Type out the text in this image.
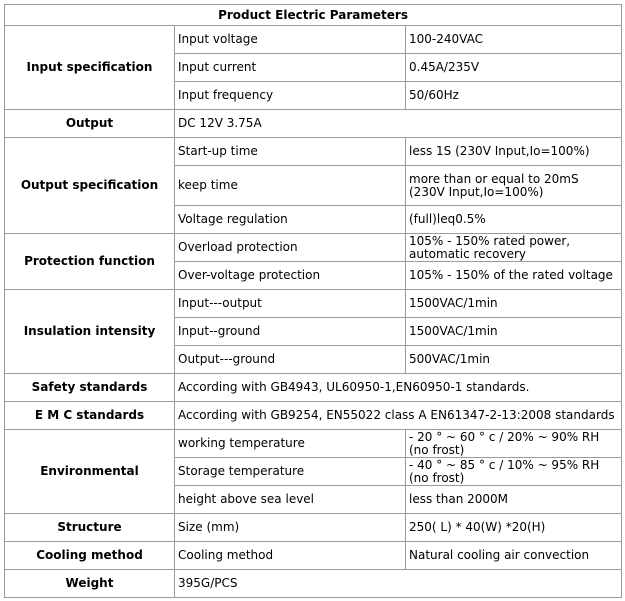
Product Electric Parameters		
Input specification	Input voltage	100-240VAC
	Input current	0.45A/235V
	Input frequency	50/60Hz
Output	DC 12V 3.75A	
Output specification	Start-up time	less 1S (230V Input,Io=100%)
	keep time	more than or equal to 20mS (230V Input,Io=100%)
	Voltage regulation	(full)leq0.5%
Protection function	Overload protection	105% - 150% rated power, automatic recovery

	Over-voltage protection	105% - 150% of the rated voltage
Insulation intensity	Input---output	1500VAC/1min
	Input--ground	1500VAC/1min
	Output---ground	500VAC/1min
Safety standards	According with GB4943, UL60950-1,EN60950-1 standards.	
E M C standards	According with GB9254, EN55022 class A EN61347-2-13:2008 standards	
Environmental	working temperature	- 20 ° ~ 60 ° c / 20% ~ 90% RH (no frost)

	Storage temperature	- 40 ° ~ 85 ° c / 10% ~ 95% RH (no frost)

	height above sea level	less than 2000M
Structure	Size (mm)	250( L) * 40(W) *20(H)
Cooling method	Cooling method	Natural cooling air convection
Weight	395G/PCS	
